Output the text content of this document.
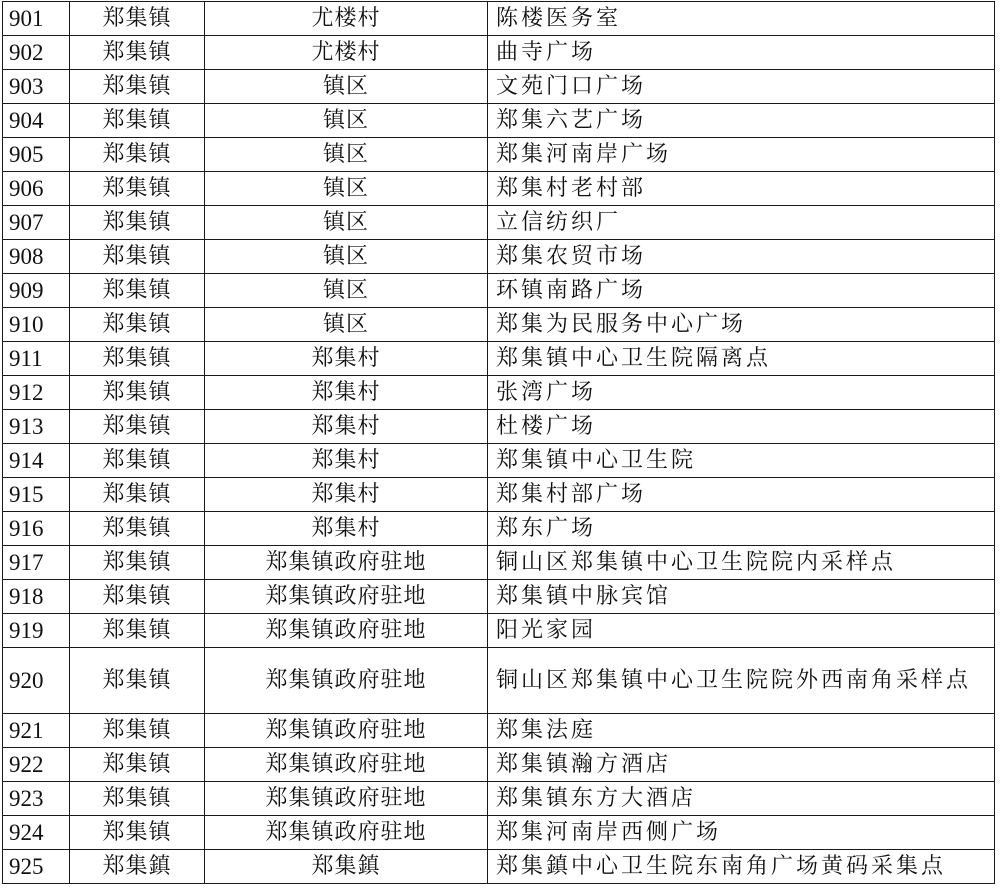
901	郑集镇	尤楼村	陈楼医务室
902	郑集镇	尤楼村	曲寺广场
903	郑集镇	镇区	文苑门口广场
904	郑集镇	镇区	郑集六艺广场
905	郑集镇	镇区	郑集河南岸广场
906	郑集镇	镇区	郑集村老村部
907	郑集镇	镇区	立信纺织厂
908	郑集镇	镇区	郑集农贸市场
909	郑集镇	镇区	环镇南路广场
910	郑集镇	镇区	郑集为民服务中心广场
911	郑集镇	郑集村	郑集镇中心卫生院隔离点
912	郑集镇	郑集村	张湾广场
913	郑集镇	郑集村	杜楼广场
914	郑集镇	郑集村	郑集镇中心卫生院
915	郑集镇	郑集村	郑集村部广场
916	郑集镇	郑集村	郑东广场
917	郑集镇	郑集镇政府驻地	铜山区郑集镇中心卫生院院内采样点
918	郑集镇	郑集镇政府驻地	郑集镇中脉宾馆
919	郑集镇	郑集镇政府驻地	阳光家园
920	郑集镇	郑集镇政府驻地	铜山区郑集镇中心卫生院院外西南角采样点
921	郑集镇	郑集镇政府驻地	郑集法庭
922	郑集镇	郑集镇政府驻地	郑集镇瀚方酒店
923	郑集镇	郑集镇政府驻地	郑集镇东方大酒店
924	郑集镇	郑集镇政府驻地	郑集河南岸西侧广场
925	郑集鎮	郑集鎮	郑集鎮中心卫生院东南角广场黄码采集点
